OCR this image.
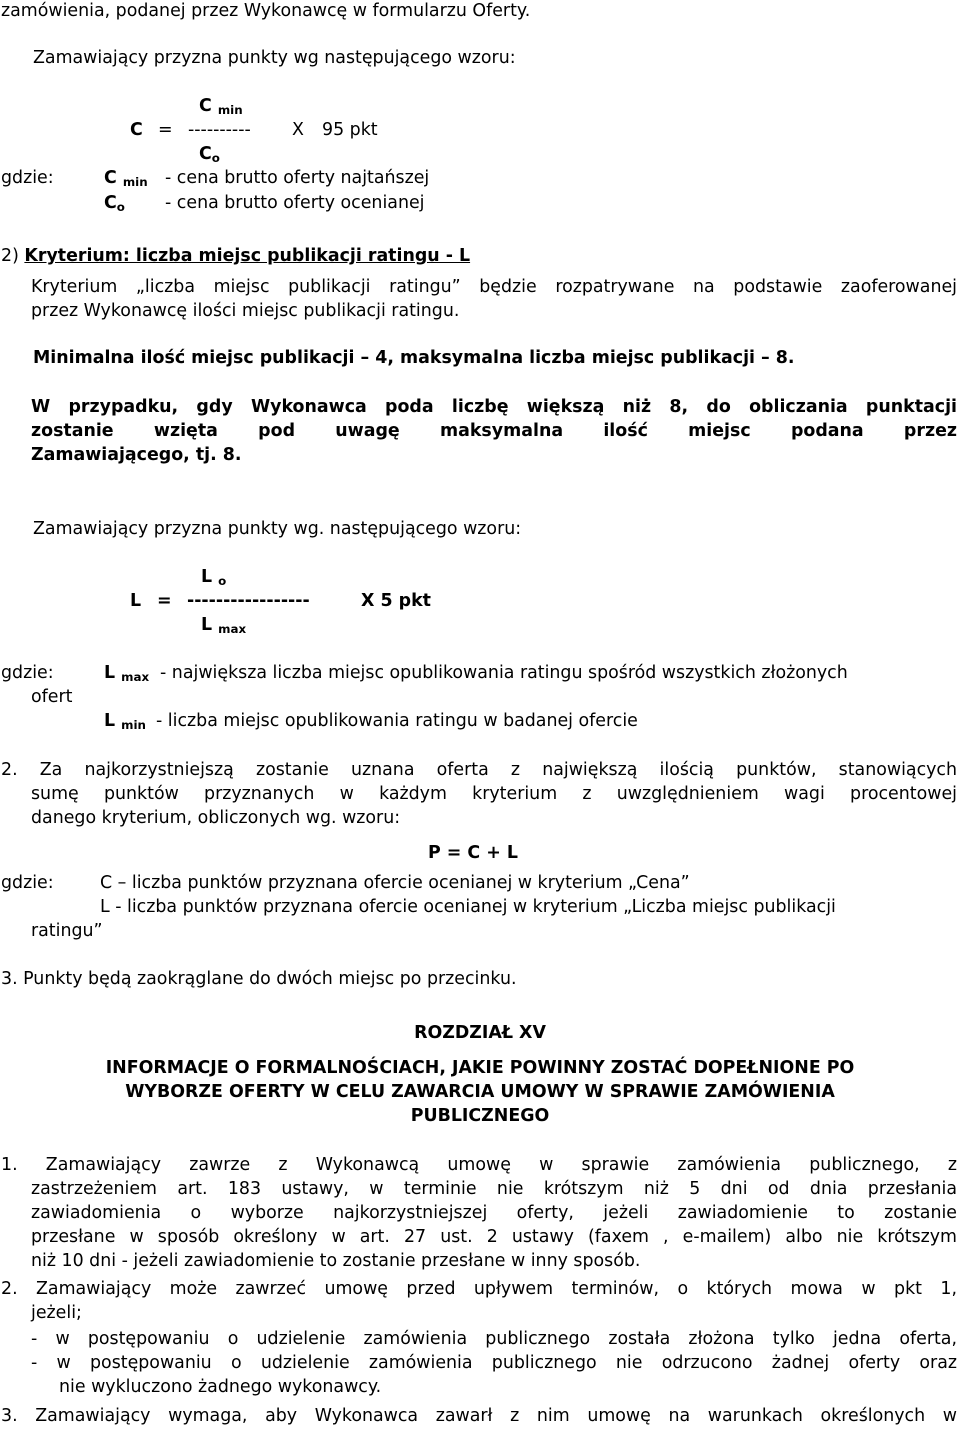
zamówienia, podanej przez Wykonawcę w formularzu Oferty.
Zamawiający przyzna punkty wg następującego wzoru:
C $_{min}$
C = ---------- X 95 pkt
$C_o$
gdzie:	C $_{min}$ - cena brutto oferty najtańszej
$C_o$ - cena brutto oferty ocenianej
2) Kryterium: liczba miejsc publikacji ratingu - L
Kryterium „liczba miejsc publikacji ratingu” będzie rozpatrywane na podstawie zaoferowanej
przez Wykonawcę ilości miejsc publikacji ratingu.
Minimalna ilość miejsc publikacji – 4, maksymalna liczba miejsc publikacji – 8.
W przypadku, gdy Wykonawca poda liczbę większą niż 8, do obliczania punktacji
zostanie wzięta pod uwagę maksymalna ilość miejsc podana przez
Zamawiającego, tj. 8.
Zamawiający przyzna punkty wg. następującego wzoru:
L $_o$
L = -----------------	X 5 pkt
L $_{max}$
gdzie:	L $_{max}$ - największa liczba miejsc opublikowania ratingu spośród wszystkich złożonych
ofert
L $_{min}$ - liczba miejsc opublikowania ratingu w badanej ofercie
2. Za najkorzystniejszą zostanie uznana oferta z największą ilością punktów, stanowiących
sumę punktów przyznanych w każdym kryterium z uwzględnieniem wagi procentowej
danego kryterium, obliczonych wg. wzoru:
P = C + L
gdzie:	C – liczba punktów przyznana ofercie ocenianej w kryterium „Cena”
L - liczba punktów przyznana ofercie ocenianej w kryterium „Liczba miejsc publikacji
ratingu”
3. Punkty będą zaokrąglane do dwóch miejsc po przecinku.
ROZDZIAŁ XV
INFORMACJE O FORMALNOŚCIACH, JAKIE POWINNY ZOSTAĆ DOPEŁNIONE PO
WYBORZE OFERTY W CELU ZAWARCIA UMOWY W SPRAWIE ZAMÓWIENIA
PUBLICZNEGO
1. Zamawiający zawrze z Wykonawcą umowę w sprawie zamówienia publicznego, z
zastrzeżeniem art. 183 ustawy, w terminie nie krótszym niż 5 dni od dnia przesłania
zawiadomienia o wyborze najkorzystniejszej oferty, jeżeli zawiadomienie to zostanie
przesłane w sposób określony w art. 27 ust. 2 ustawy (faxem , e-mailem) albo nie krótszym
niż 10 dni - jeżeli zawiadomienie to zostanie przesłane w inny sposób.
2. Zamawiający może zawrzeć umowę przed upływem terminów, o których mowa w pkt 1,
jeżeli;
- w postępowaniu o udzielenie zamówienia publicznego została złożona tylko jedna oferta,
- w postępowaniu o udzielenie zamówienia publicznego nie odrzucono żadnej oferty oraz
nie wykluczono żadnego wykonawcy.
3. Zamawiający wymaga, aby Wykonawca zawarł z nim umowę na warunkach określonych w
